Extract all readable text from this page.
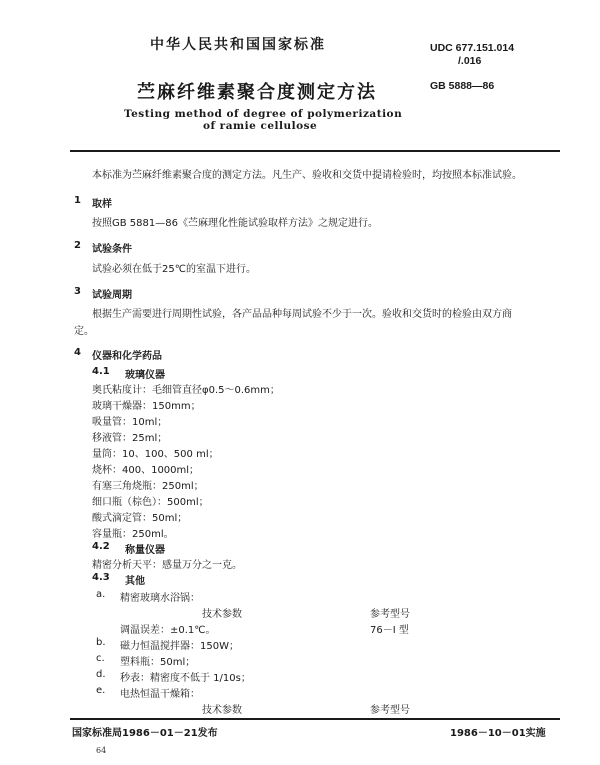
中华人民共和国国家标准	UDC 677.151.014
/.016
苎麻纤维素聚合度测定方法	GB 5888—86
Testing method of degree of polymerization
of ramie cellulose
本标准为苎麻纤维素聚合度的测定方法。凡生产、验收和交货中提请检验时，均按照本标准试验。
1 取样
按照GB 5881—86《苎麻理化性能试验取样方法》之规定进行。
2 试验条件
试验必须在低于25℃的室温下进行。
3 试验周期
根据生产需要进行周期性试验，各产品品种每周试验不少于一次。验收和交货时的检验由双方商
定。
4 仪器和化学药品
4.1 玻璃仪器
奥氏粘度计：毛细管直径φ0.5～0.6mm；
玻璃干燥器：150mm；
吸量管：10ml；
移液管：25ml；
量筒：10、100、500 ml；
烧杯：400、1000ml；
有塞三角烧瓶：250ml；
细口瓶（棕色）：500ml；
酸式滴定管：50ml；
容量瓶：250ml。
4.2 称量仪器
精密分析天平：感量万分之一克。
4.3 其他
a. 精密玻璃水浴锅：
技术参数	参考型号
调温误差：±0.1℃。	76－Ⅰ 型
b. 磁力恒温搅拌器：150W；
c. 塑料瓶：50ml；
d. 秒表：精密度不低于 1/10s；
e. 电热恒温干燥箱：
技术参数	参考型号
国家标准局1986－01－21发布	1986－10－01实施
64
